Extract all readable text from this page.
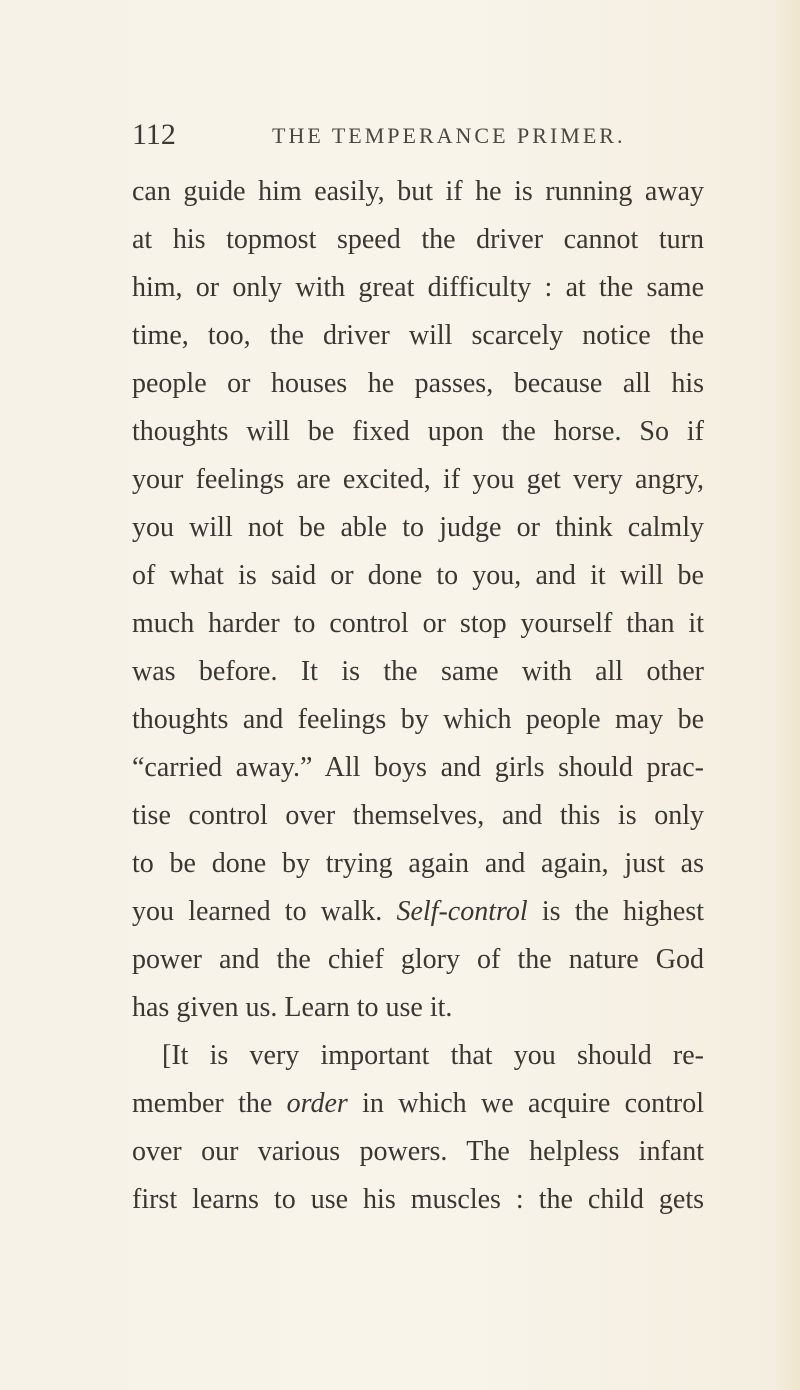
112	THE TEMPERANCE PRIMER.
can guide him easily, but if he is running away
at his topmost speed the driver cannot turn
him, or only with great difficulty : at the same
time, too, the driver will scarcely notice the
people or houses he passes, because all his
thoughts will be fixed upon the horse. So if
your feelings are excited, if you get very angry,
you will not be able to judge or think calmly
of what is said or done to you, and it will be
much harder to control or stop yourself than it
was before. It is the same with all other
thoughts and feelings by which people may be
“carried away.” All boys and girls should prac-
tise control over themselves, and this is only
to be done by trying again and again, just as
you learned to walk. Self-control is the highest
power and the chief glory of the nature God
has given us. Learn to use it.
[It is very important that you should re-
member the order in which we acquire control
over our various powers. The helpless infant
first learns to use his muscles : the child gets
